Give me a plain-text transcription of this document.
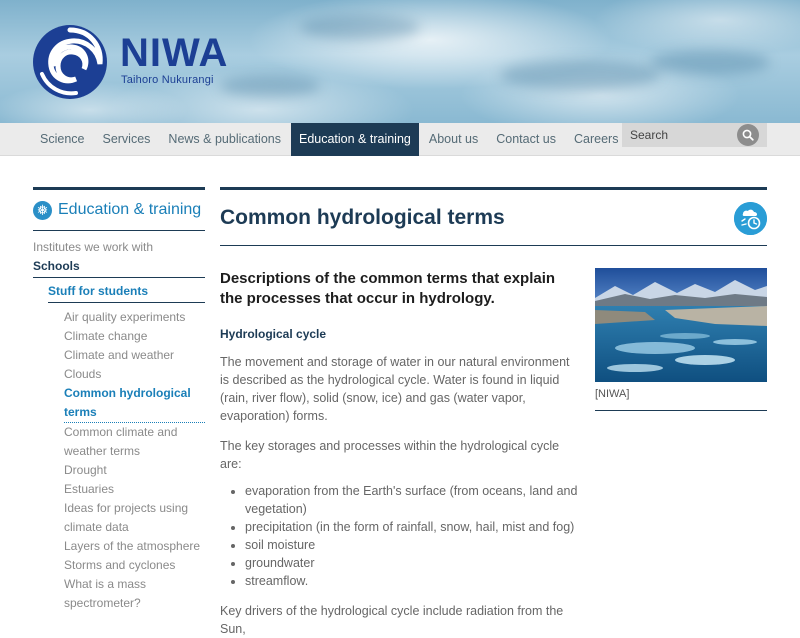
NIWA
Taihoro Nukurangi
Science	Services	News & publications	Education & training	About us	Contact us	Careers
Search
❅ Education & training
Institutes we work with
Schools
Stuff for students
Air quality experiments
Climate change
Climate and weather
Clouds
Common hydrological terms
Common climate and weather terms
Drought
Estuaries
Ideas for projects using climate data
Layers of the atmosphere
Storms and cyclones
What is a mass spectrometer?
Common hydrological terms

Descriptions of the common terms that explain the processes that occur in hydrology.

Hydrological cycle

The movement and storage of water in our natural environment is described as the hydrological cycle. Water is found in liquid (rain, river flow), solid (snow, ice) and gas (water vapor, evaporation) forms.

The key storages and processes within the hydrological cycle are:

• evaporation from the Earth's surface (from oceans, land and vegetation)
• precipitation (in the form of rainfall, snow, hail, mist and fog)
• soil moisture
• groundwater
• streamflow.

Key drivers of the hydrological cycle include radiation from the Sun,

[NIWA]
